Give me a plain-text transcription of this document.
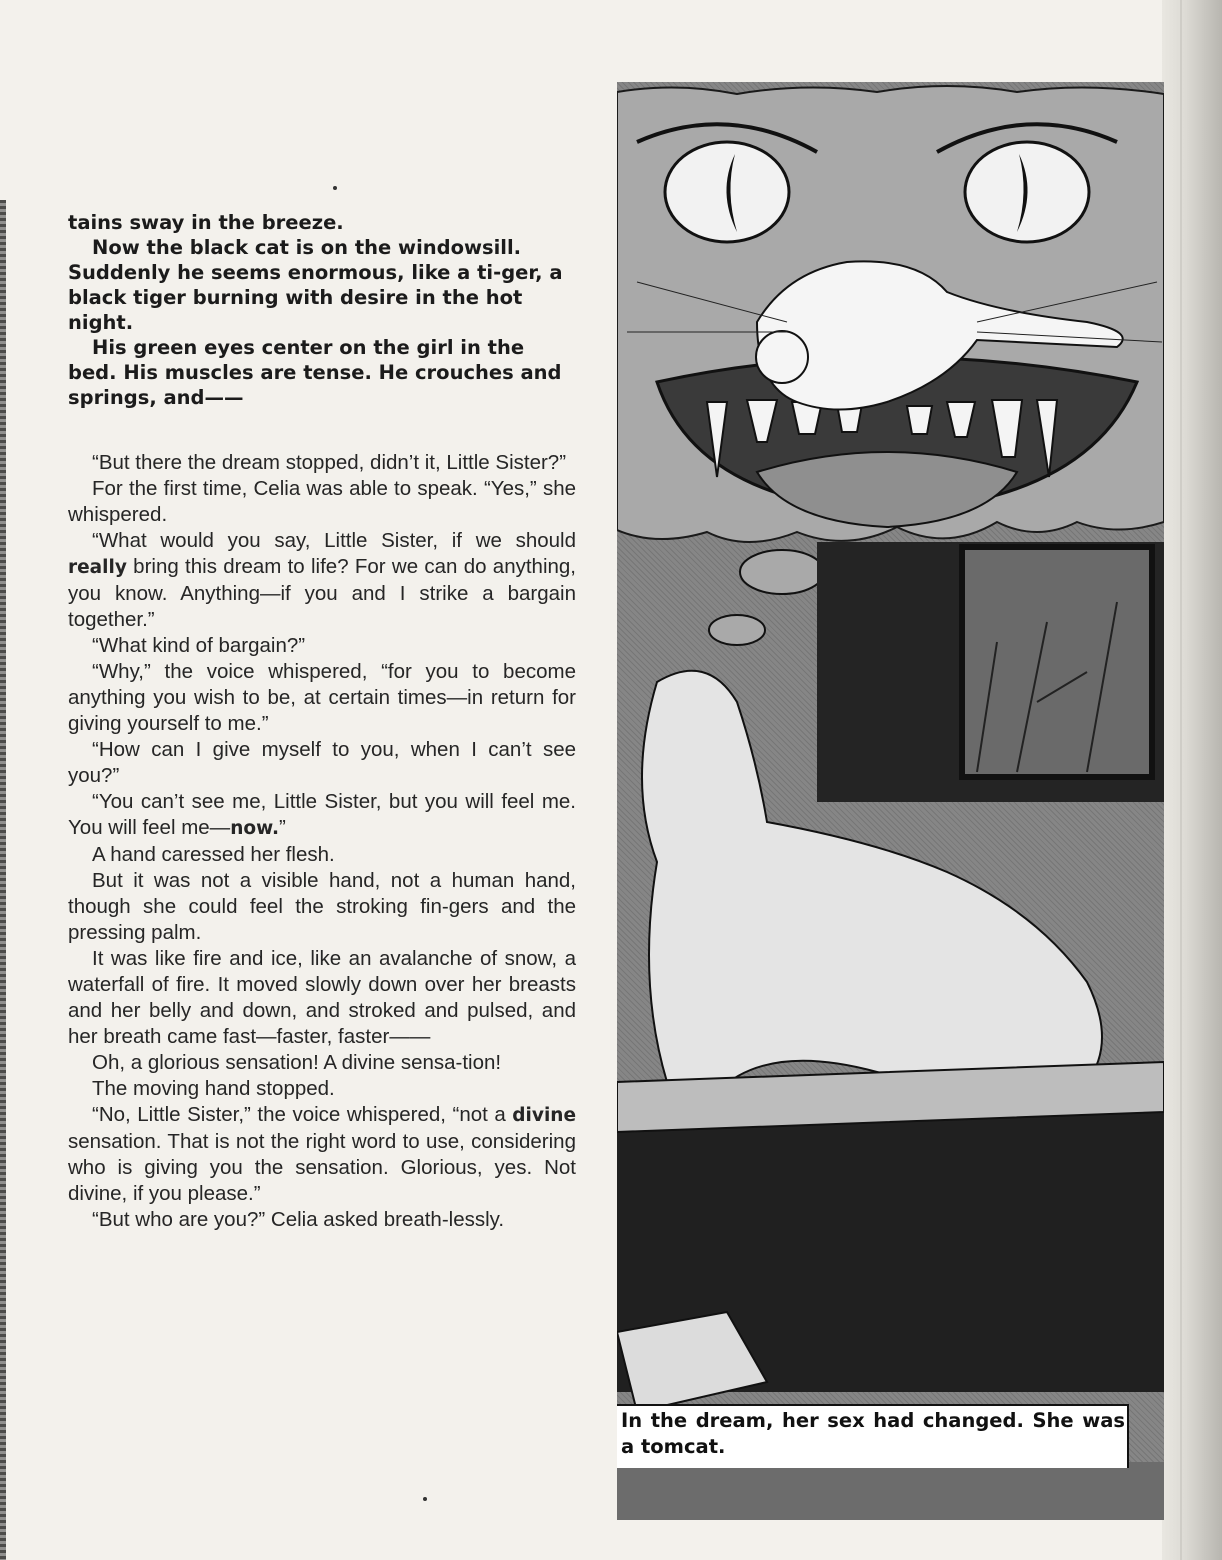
tains sway in the breeze.

Now the black cat is on the windowsill. Suddenly he seems enormous, like a ti-ger, a black tiger burning with desire in the hot night.

His green eyes center on the girl in the bed. His muscles are tense. He crouches and springs, and——

“But there the dream stopped, didn’t it, Little Sister?”

For the first time, Celia was able to speak. “Yes,” she whispered.

“What would you say, Little Sister, if we should really bring this dream to life? For we can do anything, you know. Anything—if you and I strike a bargain together.”

“What kind of bargain?”

“Why,” the voice whispered, “for you to become anything you wish to be, at certain times—in return for giving yourself to me.”

“How can I give myself to you, when I can’t see you?”

“You can’t see me, Little Sister, but you will feel me. You will feel me—now.”

A hand caressed her flesh.

But it was not a visible hand, not a human hand, though she could feel the stroking fin-gers and the pressing palm.

It was like fire and ice, like an avalanche of snow, a waterfall of fire. It moved slowly down over her breasts and her belly and down, and stroked and pulsed, and her breath came fast—faster, faster——

Oh, a glorious sensation! A divine sensa-tion!

The moving hand stopped.

“No, Little Sister,” the voice whispered, “not a divine sensation. That is not the right word to use, considering who is giving you the sensation. Glorious, yes. Not divine, if you please.”

“But who are you?” Celia asked breath-lessly.

In the dream, her sex had changed. She was a tomcat.
